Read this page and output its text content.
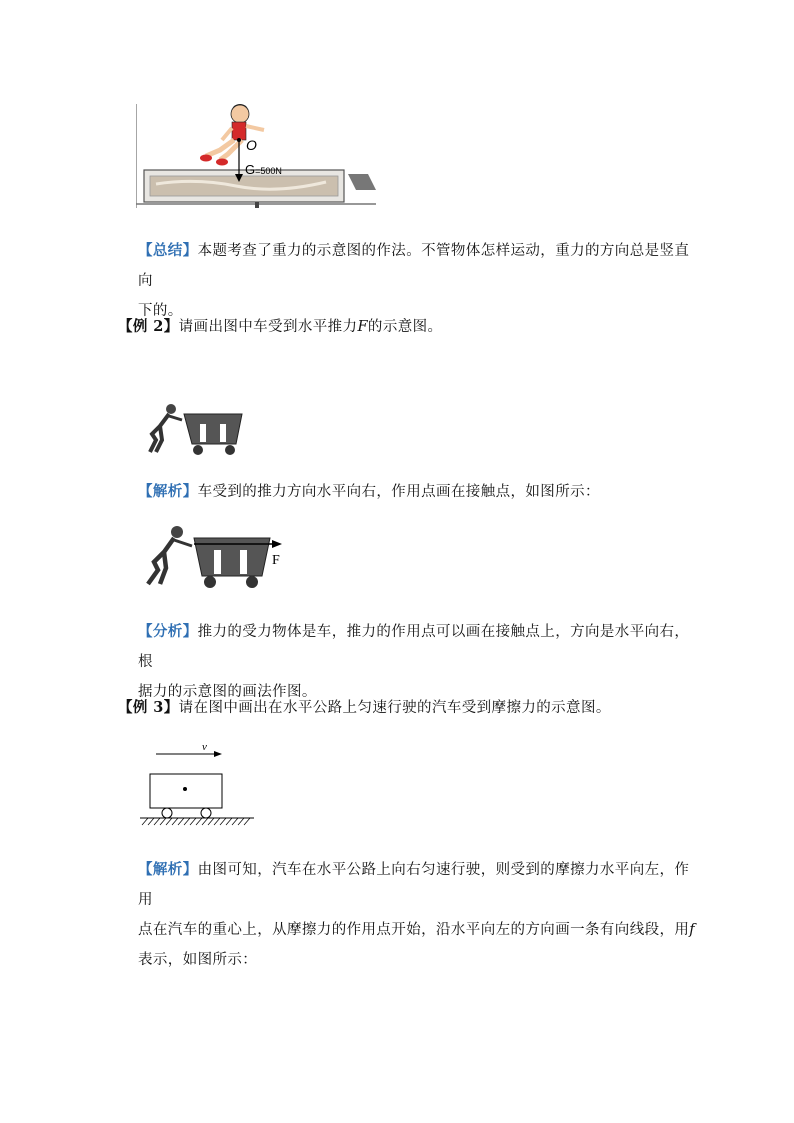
O
G=500N
【总结】本题考查了重力的示意图的作法。不管物体怎样运动，重力的方向总是竖直向
下的。
【例 2】请画出图中车受到水平推力F的示意图。
【解析】车受到的推力方向水平向右，作用点画在接触点，如图所示：
F
【分析】推力的受力物体是车，推力的作用点可以画在接触点上，方向是水平向右，根
据力的示意图的画法作图。
【例 3】请在图中画出在水平公路上匀速行驶的汽车受到摩擦力的示意图。
v
【解析】由图可知，汽车在水平公路上向右匀速行驶，则受到的摩擦力水平向左，作用
点在汽车的重心上，从摩擦力的作用点开始，沿水平向左的方向画一条有向线段，用f
表示，如图所示：
